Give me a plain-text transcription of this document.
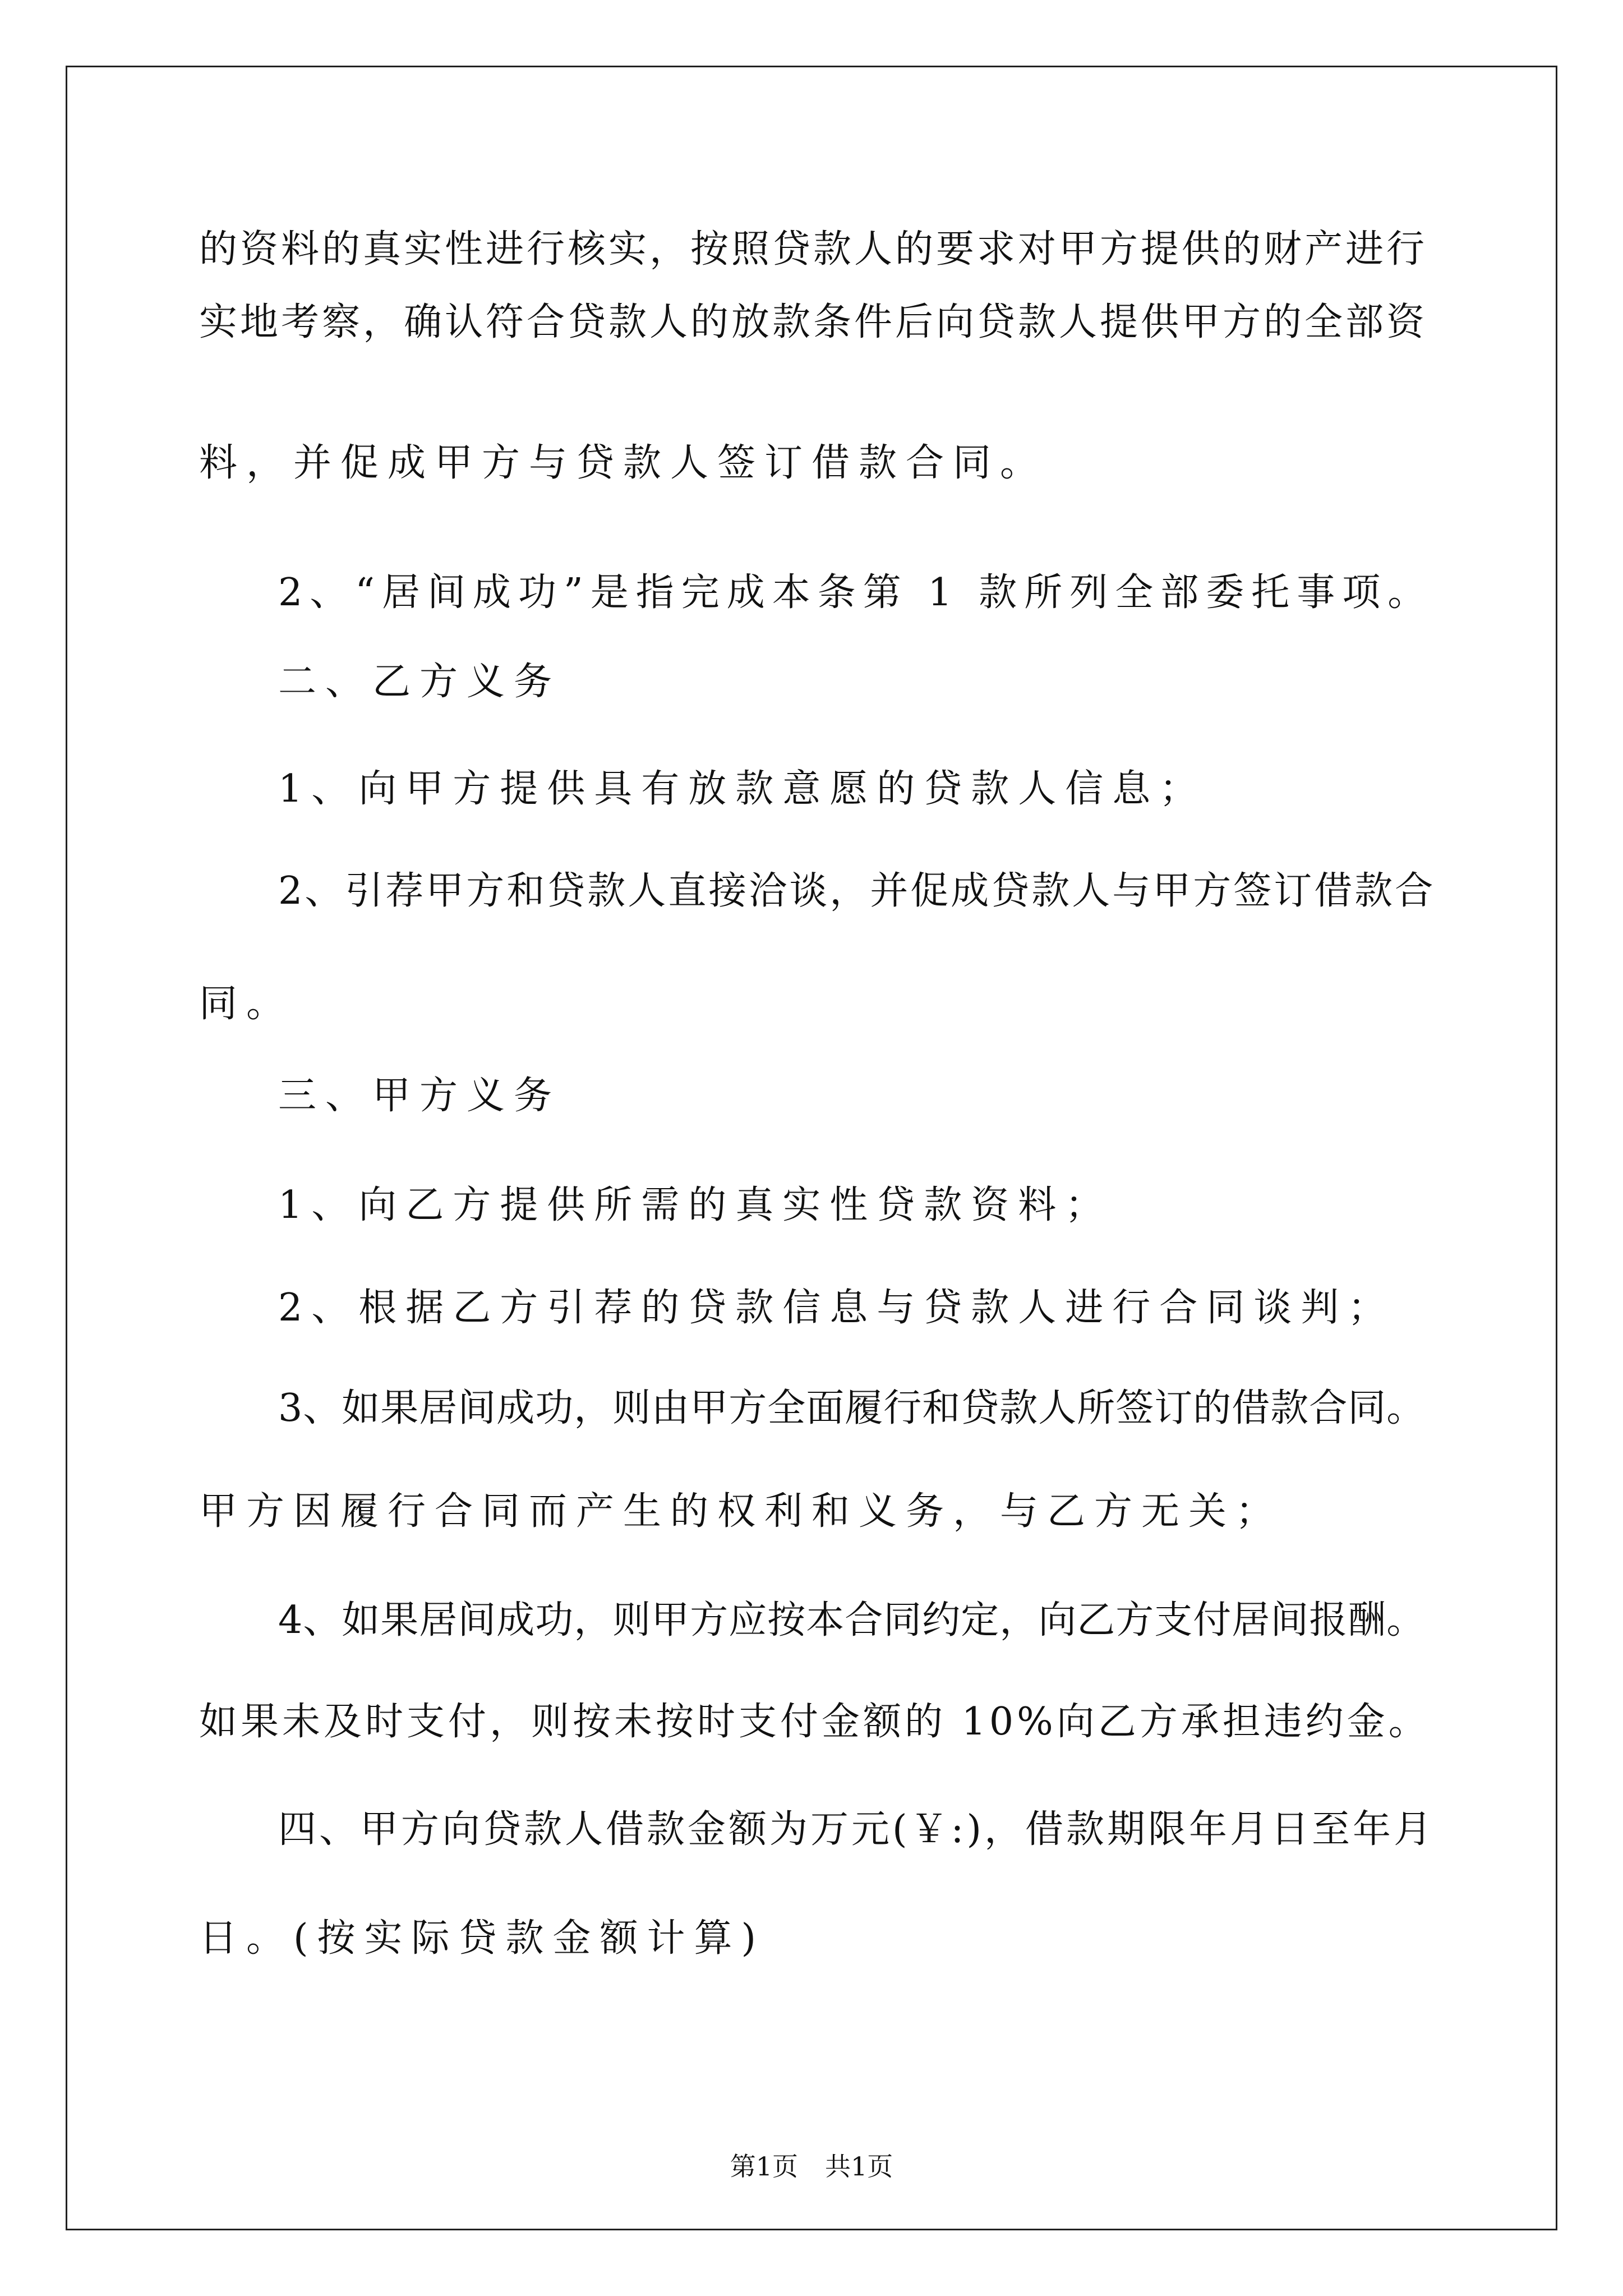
的资料的真实性进行核实，按照贷款人的要求对甲方提供的财产进行
实地考察，确认符合贷款人的放款条件后向贷款人提供甲方的全部资
料，并促成甲方与贷款人签订借款合同。
2、“居间成功”是指完成本条第 1 款所列全部委托事项。
二、乙方义务
1、向甲方提供具有放款意愿的贷款人信息；
2、引荐甲方和贷款人直接洽谈，并促成贷款人与甲方签订借款合
同。
三、甲方义务
1、向乙方提供所需的真实性贷款资料；
2、根据乙方引荐的贷款信息与贷款人进行合同谈判；
3、如果居间成功，则由甲方全面履行和贷款人所签订的借款合同。
甲方因履行合同而产生的权利和义务，与乙方无关；
4、如果居间成功，则甲方应按本合同约定，向乙方支付居间报酬。
如果未及时支付，则按未按时支付金额的 10%向乙方承担违约金。
四、甲方向贷款人借款金额为万元(￥:)，借款期限年月日至年月
日。(按实际贷款金额计算)
第1页 共1页
